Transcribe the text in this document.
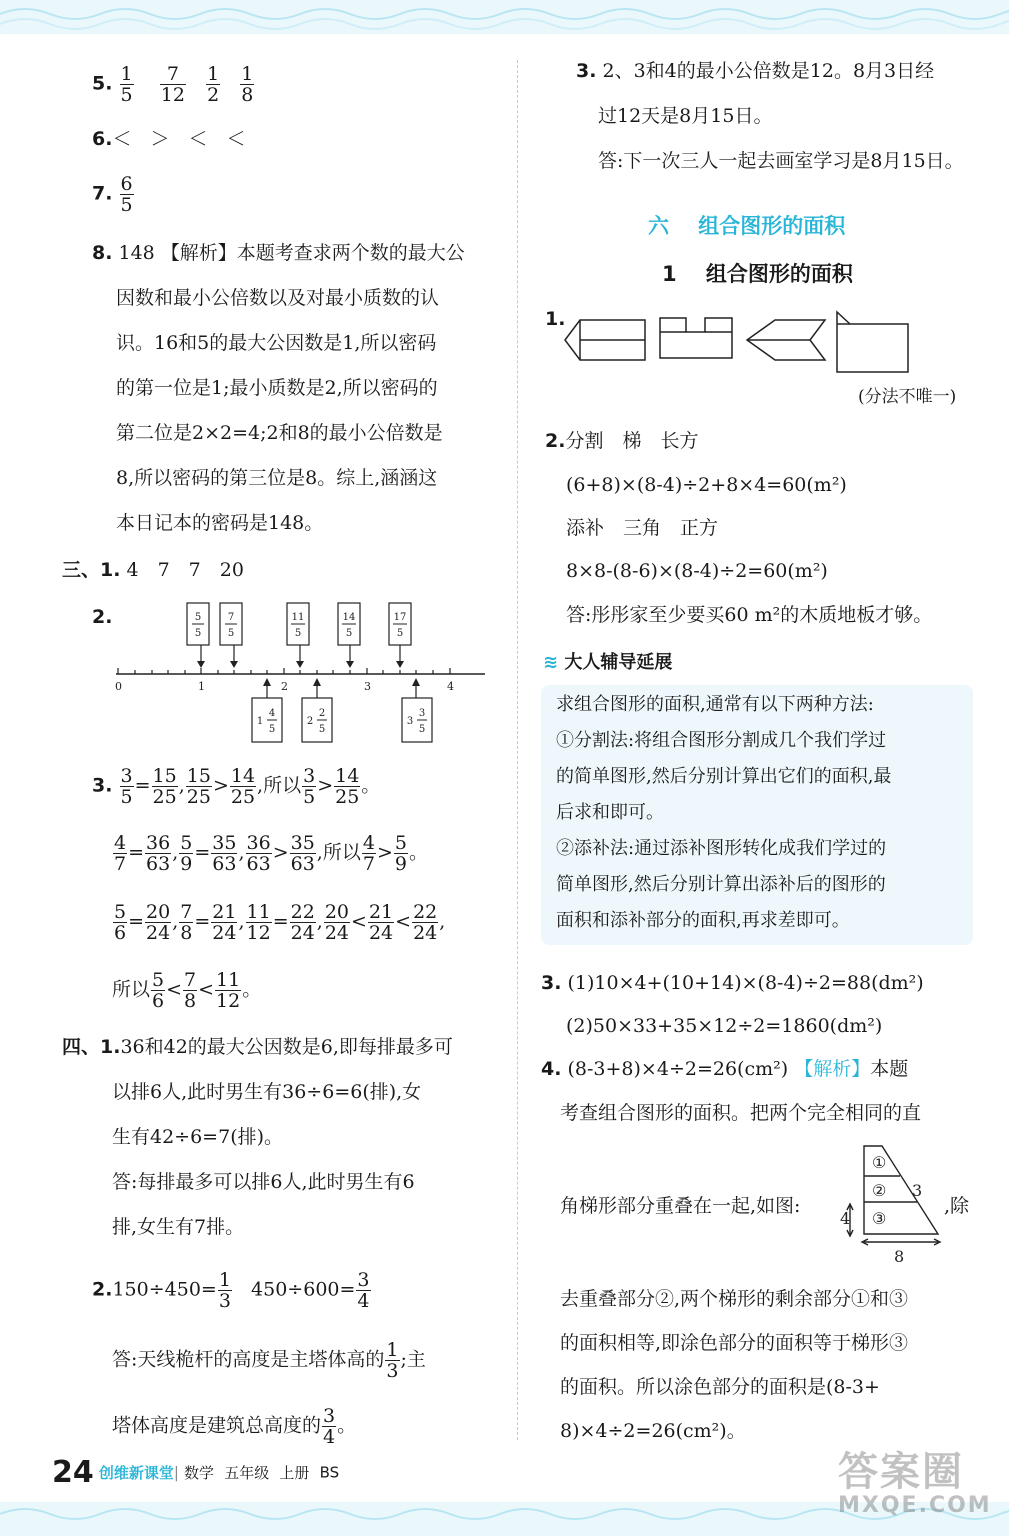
5. $\frac{1}{5}$
$\frac{7}{12}$
$\frac{1}{2}$
$\frac{1}{8}$
6.＜　＞　＜　＜
7. $\frac{6}{5}$
8. 148 【解析】本题考查求两个数的最大公
因数和最小公倍数以及对最小质数的认
识。16和5的最大公因数是1,所以密码
的第一位是1;最小质数是2,所以密码的
第二位是2×2=4;2和8的最小公倍数是
8,所以密码的第三位是8。综上,涵涵这
本日记本的密码是148。
三、1. 4　7　7　20
2.
0	1	2	3	4
5
5
7
5
11
5
14
5
17
5
1
4
5
2
2
5
3
3
5
3. $\frac{3}{5} = \frac{15}{25}$ , $\frac{15}{25} > \frac{14}{25}$ ,所以 $\frac{3}{5} > \frac{14}{25}$ 。
$\frac{4}{7} = \frac{36}{63}$ , $\frac{5}{9} = \frac{35}{63}$ , $\frac{36}{63} > \frac{35}{63}$ ,所以 $\frac{4}{7} > \frac{5}{9}$ 。
$\frac{5}{6} = \frac{20}{24}$ , $\frac{7}{8} = \frac{21}{24}$ , $\frac{11}{12} = \frac{22}{24}$ , $\frac{20}{24} < \frac{21}{24} < \frac{22}{24}$ ,
所以 $\frac{5}{6} < \frac{7}{8} < \frac{11}{12}$ 。
四、1.36和42的最大公因数是6,即每排最多可
以排6人,此时男生有36÷6=6(排),女
生有42÷6=7(排)。
答:每排最多可以排6人,此时男生有6
排,女生有7排。
$2.150\div 450= \frac{1}{3} 450\div 600= \frac{3}{4}$
答:天线桅杆的高度是主塔体高的 $\frac{1}{3}$ ;主
塔体高度是建筑总高度的 $\frac{3}{4}$ 。
3. 2、3和4的最小公倍数是12。8月3日经
过12天是8月15日。
答:下一次三人一起去画室学习是8月15日。
六 组合图形的面积
1 组合图形的面积
1.
(分法不唯一)
2.分割　梯　长方
(6+8)×(8-4)÷2+8×4=60(m²)
添补　三角　正方
8×8-(8-6)×(8-4)÷2=60(m²)
答:彤彤家至少要买60 m²的木质地板才够。
≋ 大人辅导延展
求组合图形的面积,通常有以下两种方法:
①分割法:将组合图形分割成几个我们学过
的简单图形,然后分别计算出它们的面积,最
后求和即可。
②添补法:通过添补图形转化成我们学过的
简单图形,然后分别计算出添补后的图形的
面积和添补部分的面积,再求差即可。
3. (1)10×4+(10+14)×(8-4)÷2=88(dm²)
(2)50×33+35×12÷2=1860(dm²)
4. (8-3+8)×4÷2=26(cm²) 【解析】本题
考查组合图形的面积。把两个完全相同的直
角梯形部分重叠在一起,如图:	,除
①
②
③
3
4
8
去重叠部分②,两个梯形的剩余部分①和③
的面积相等,即涂色部分的面积等于梯形③
的面积。所以涂色部分的面积是(8-3+
8)×4÷2=26(cm²)。
24 创维新课堂| 数学 五年级 上册 BS	答案圈
MXQE.COM
